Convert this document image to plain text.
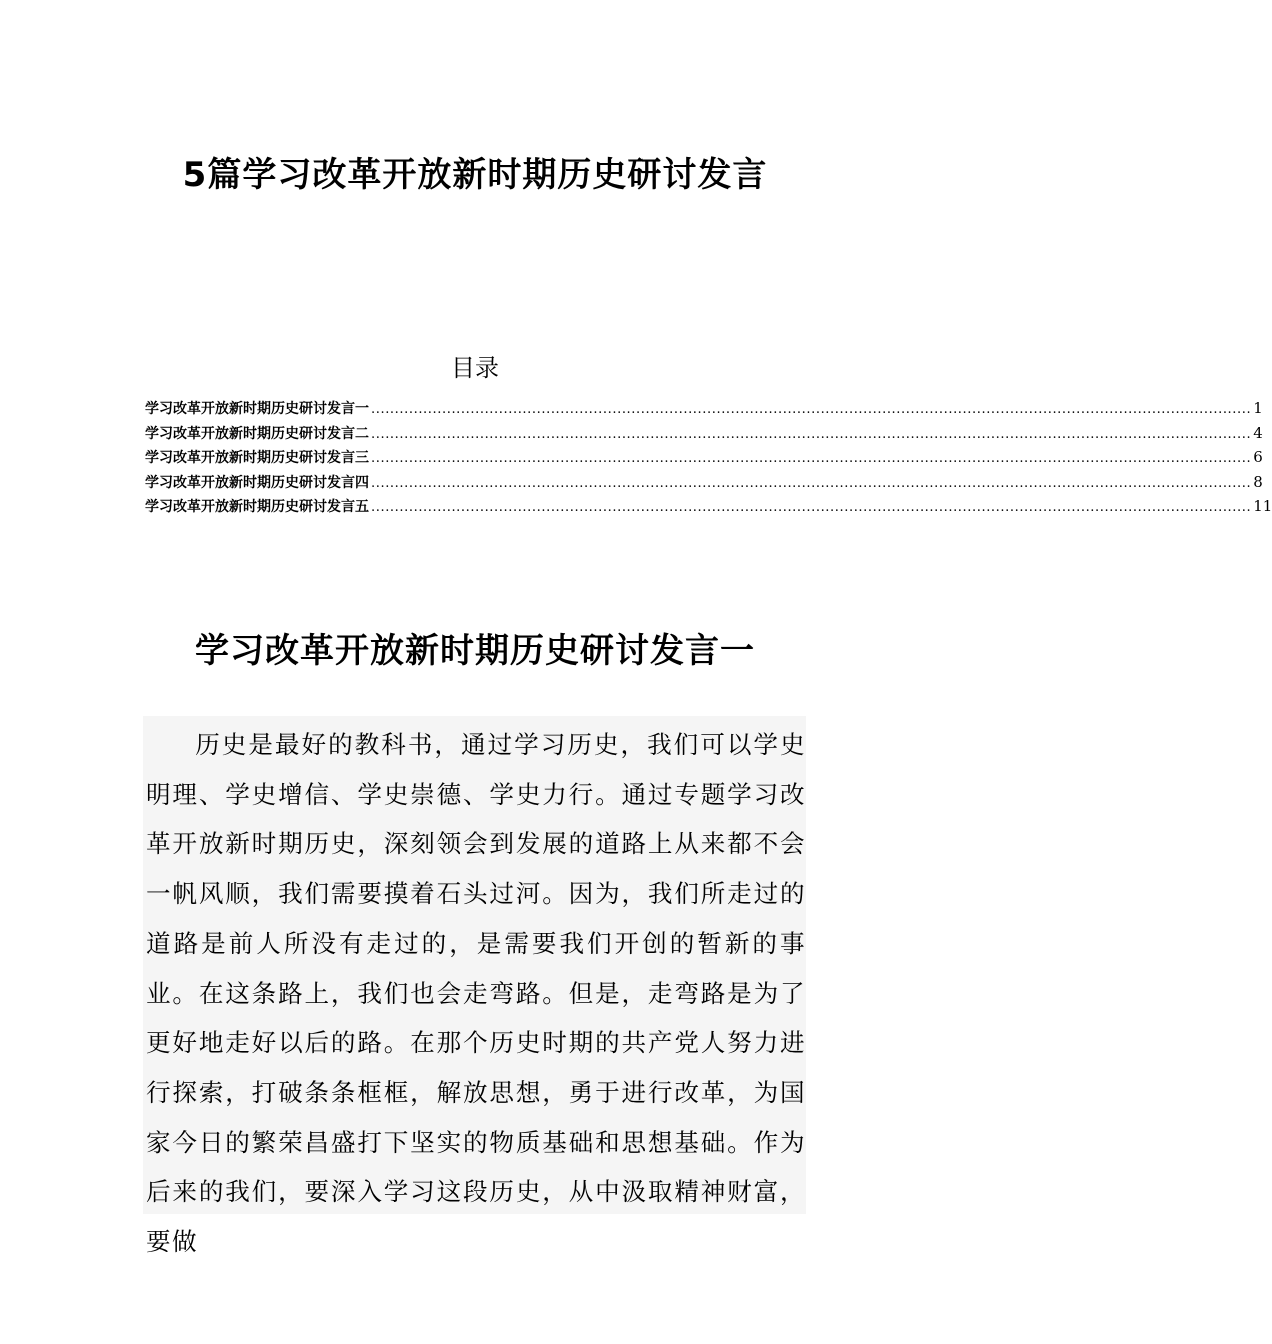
5篇学习改革开放新时期历史研讨发言
目录
学习改革开放新时期历史研讨发言一 .....	1
学习改革开放新时期历史研讨发言二 .....	4
学习改革开放新时期历史研讨发言三 .....	6
学习改革开放新时期历史研讨发言四 .....	8
学习改革开放新时期历史研讨发言五 .....	11
学习改革开放新时期历史研讨发言一

历史是最好的教科书，通过学习历史，我们可以学史明理、学史增信、学史崇德、学史力行。通过专题学习改革开放新时期历史，深刻领会到发展的道路上从来都不会一帆风顺，我们需要摸着石头过河。因为，我们所走过的道路是前人所没有走过的，是需要我们开创的暂新的事业。在这条路上，我们也会走弯路。但是，走弯路是为了更好地走好以后的路。在那个历史时期的共产党人努力进行探索，打破条条框框，解放思想，勇于进行改革，为国家今日的繁荣昌盛打下坚实的物质基础和思想基础。作为后来的我们，要深入学习这段历史，从中汲取精神财富，要做
